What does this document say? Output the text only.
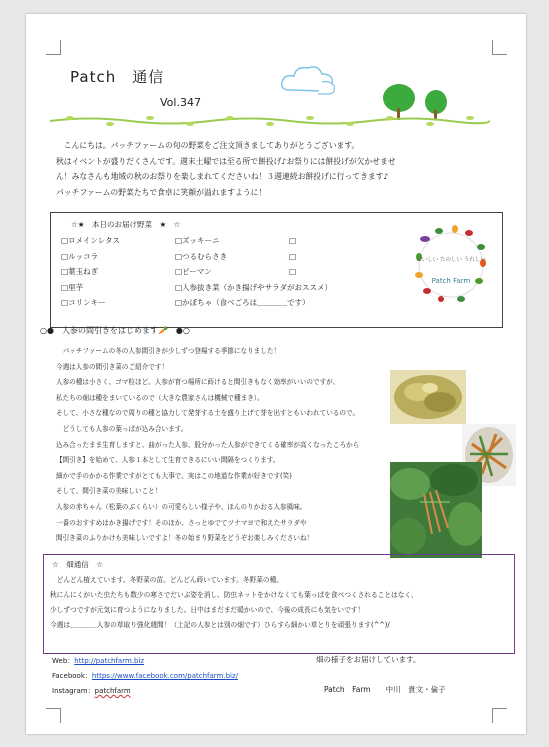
Patch　通信
Vol.347

　こんにちは。パッチファームの旬の野菜をご注文頂きましてありがとうございます。

秋はイベントが盛りだくさんです。週末土曜では至る所で餅投げ♪お祭りには餅投げが欠かせませ

ん！みなさんも地域の秋のお祭りを楽しまれてくださいね！３週連続お餅投げに行ってきます♪

パッチファームの野菜たちで食卓に笑顔が溢れますように！

☆★　本日のお届け野菜　★　☆
□ロメインレタス
□ルッコラ
□葉玉ねぎ
□里芋
□コリンキー
□ズッキーニ
□つるむらさき
□ピーマン
□人参抜き菜（かき揚げやサラダがおススメ）
□かぼちゃ（食べごろは＿＿＿＿です）
□
□
□
おいしい たのしい うれしい
Patch Farm
○●　人参の間引きをはじめます🥕　●○
　パッチファームの冬の人参間引きが少しずつ登場する季節になりました！
今週は人参の間引き菜のご紹介です！
人参の種は小さく、ゴマ粒ほど。人参が育つ場所に蒔けると間引きもなく効率がいいのですが、
私たちの畑は種をまいているので（大きな農家さんは機械で種まき）。
そして、小さな種なので周りの種と協力して発芽する土を盛り上げて芽を出すともいわれているので。
　どうしても人参の葉っぱが込み合います。
込み合ったまま生育しますと、曲がった人参、股分かった人参ができてくる確率が高くなったころから
【間引き】を始めて、人参１本として生育できるにいい間隔をつくります。
細かで手のかかる作業ですがとても大事で、実はこの地道な作業が好きです(笑)
そして、間引き菜の美味しいこと！
人参の赤ちゃん（松葉のぶくらい）の可愛らしい様子や、ほんのりかおる人参風味。
一番のおすすめはかき揚げです！そのほか、さっとゆでてツナマヨで和えたサラダや
間引き菜のふりかけも美味しいですよ！冬の始まり野菜をどうぞお楽しみくださいね！
☆　畑通信　☆
　どんどん植えています。冬野菜の苗。どんどん蒔いています。冬野菜の種。
秋にんにくがいた虫たちも数少の寒さでだいぶ姿を消し、防虫ネットをかけなくても葉っぱを食べつくされることはなく、
少しずつですが元気に育つようになりました。日中はまだまだ暖かいので、今後の成長にも気をいです！
今週は＿＿＿＿人参の草取り強化週間！（上記の人参とは別の畑です）ひらすら細かい草とりを頑張ります(^^)/
Web：http://patchfarm.biz
Facebook：https://www.facebook.com/patchfarm.biz/
Instagram：patchfarm
畑の様子をお届けしています。
Patch　Farm　　中川　貴文・倫子
